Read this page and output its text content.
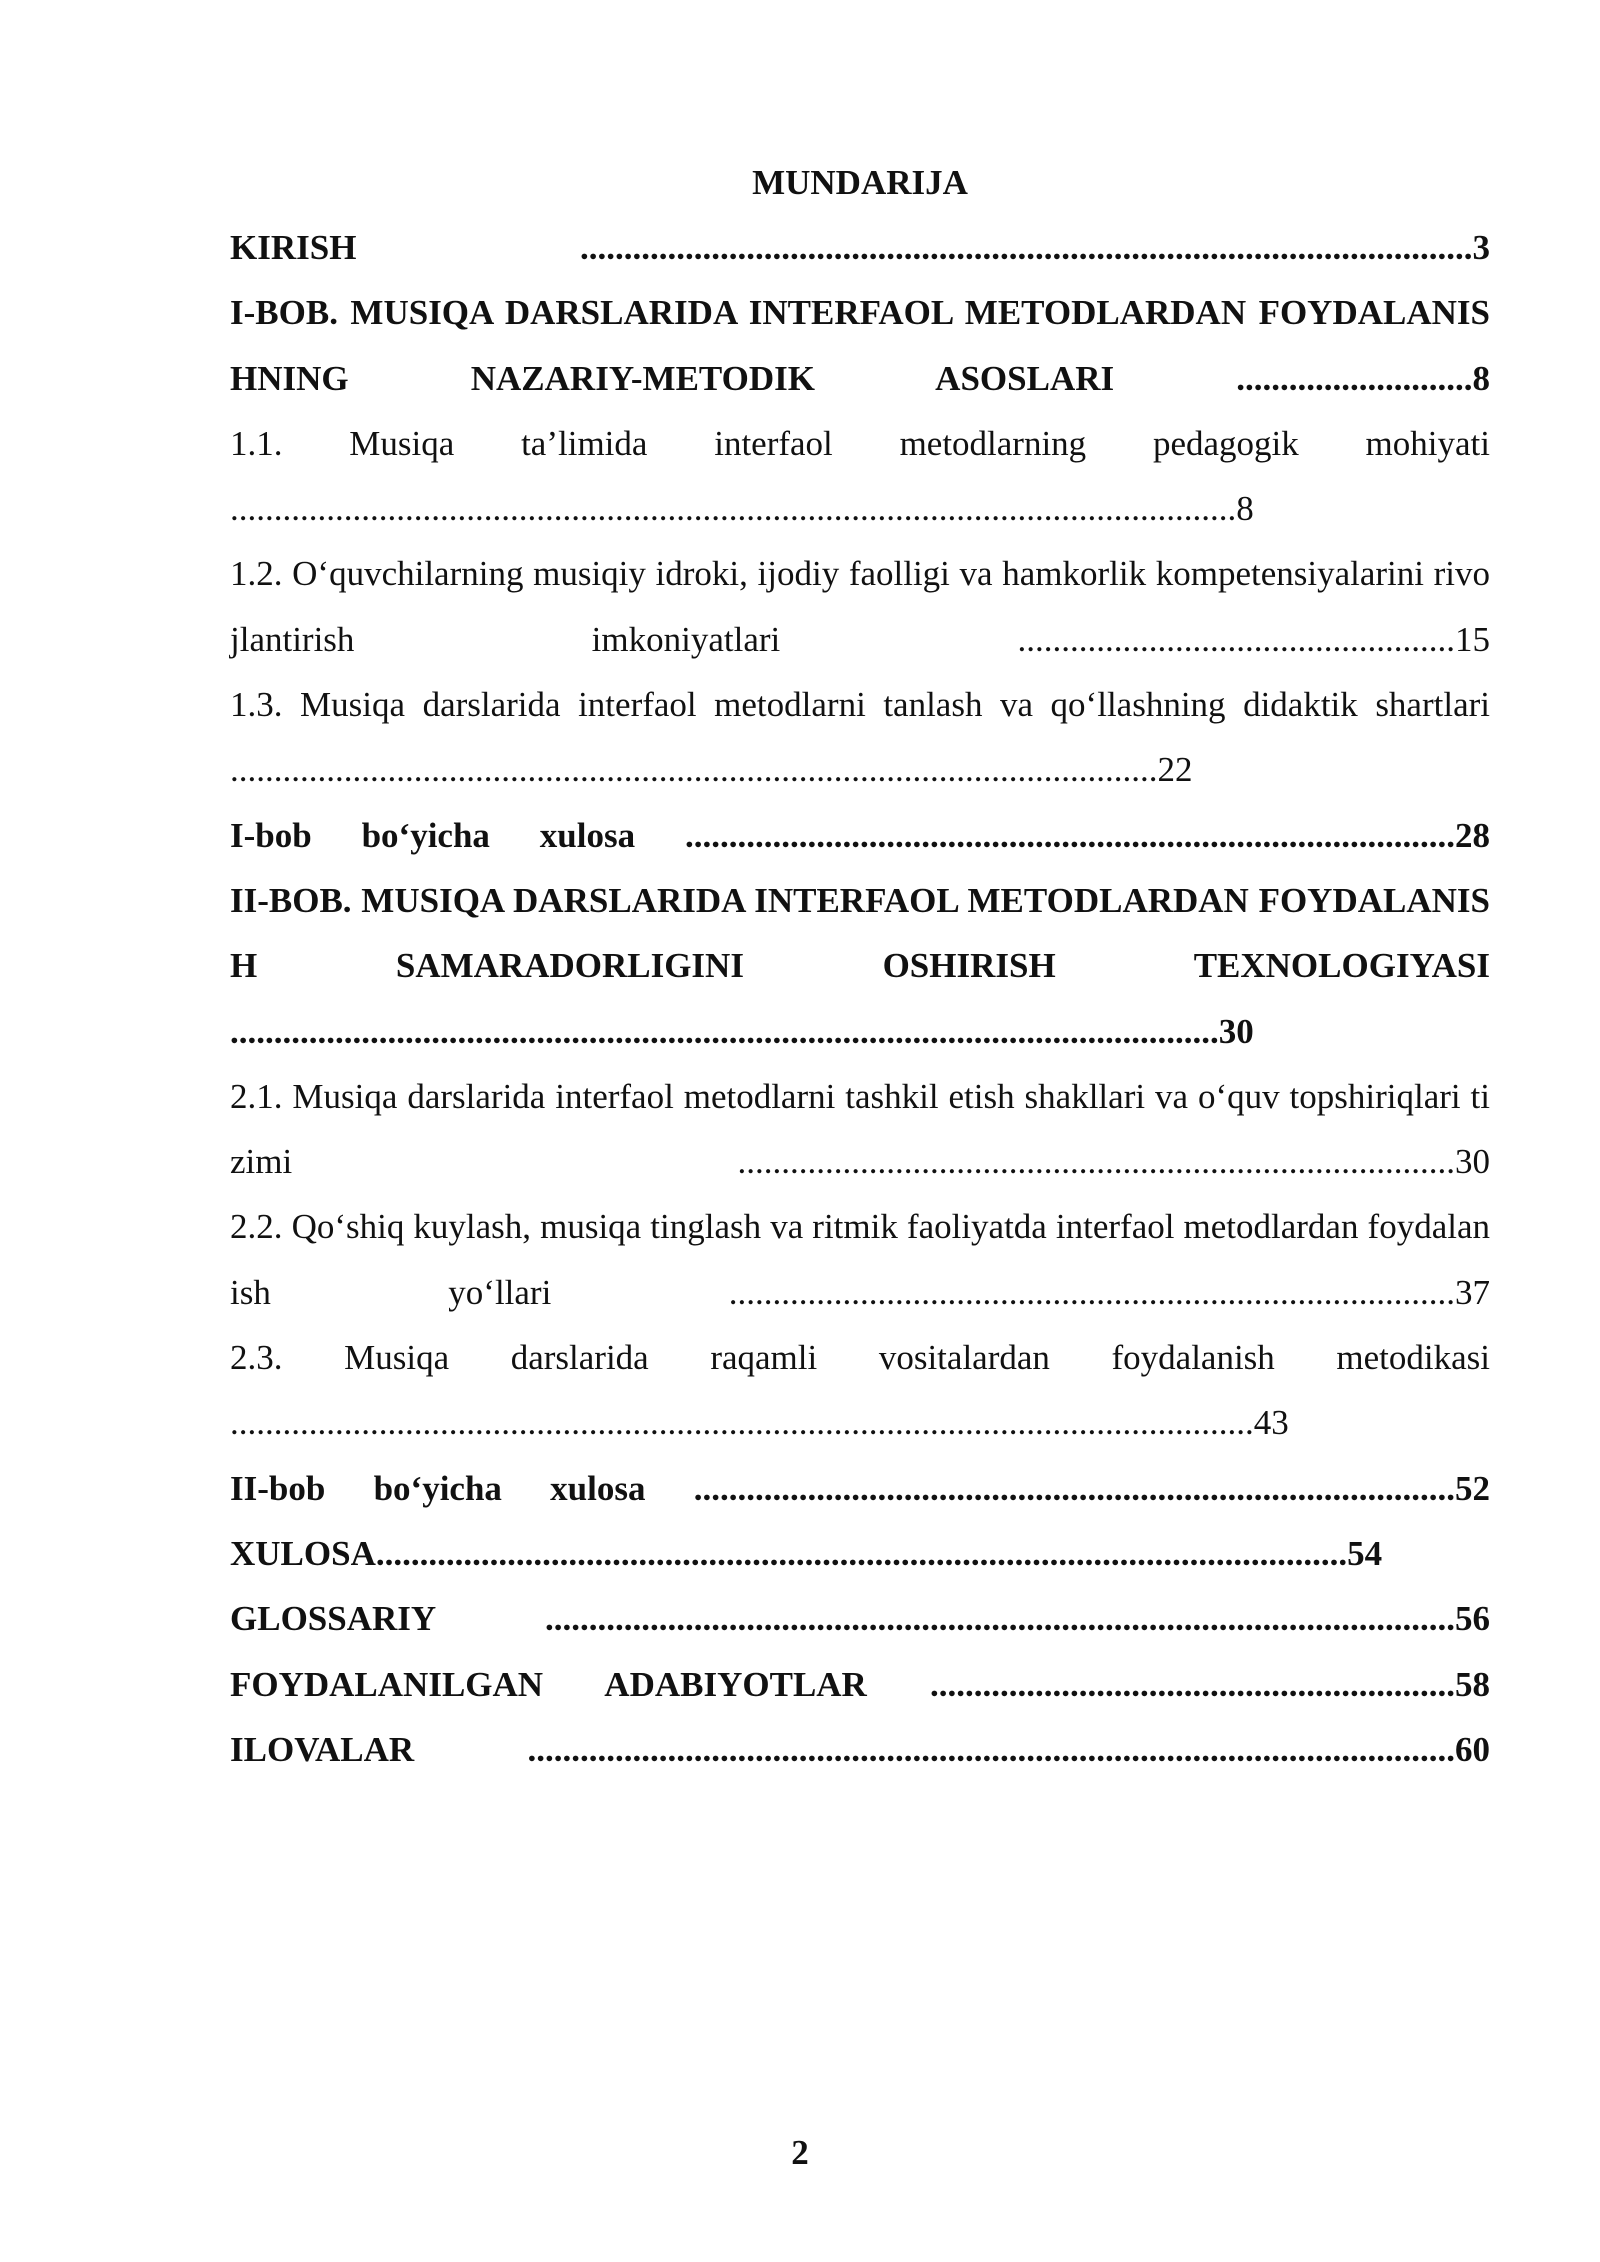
MUNDARIJA

KIRISH ......................................................................................................3

I-BOB. MUSIQA DARSLARIDA INTERFAOL METODLARDAN FOYDALANISHNING NAZARIY-METODIK ASOSLARI ...........................8

1.1. Musiqa ta’limida interfaol metodlarning pedagogik mohiyati ...................................................................................................................8

1.2. O‘quvchilarning musiqiy idroki, ijodiy faolligi va hamkorlik kompetensiyalarini rivojlantirish imkoniyatlari ..................................................15

1.3. Musiqa darslarida interfaol metodlarni tanlash va qo‘llashning didaktik shartlari ..........................................................................................................22

I-bob bo‘yicha xulosa ........................................................................................28

II-BOB. MUSIQA DARSLARIDA INTERFAOL METODLARDAN FOYDALANISH SAMARADORLIGINI OSHIRISH TEXNOLOGIYASI .................................................................................................................30

2.1. Musiqa darslarida interfaol metodlarni tashkil etish shakllari va o‘quv topshiriqlari tizimi ..................................................................................30

2.2. Qo‘shiq kuylash, musiqa tinglash va ritmik faoliyatda interfaol metodlardan foydalanish yo‘llari ...................................................................................37

2.3. Musiqa darslarida raqamli vositalardan foydalanish metodikasi .....................................................................................................................43

II-bob bo‘yicha xulosa .......................................................................................52

XULOSA...............................................................................................................54

GLOSSARIY ........................................................................................................56

FOYDALANILGAN ADABIYOTLAR ............................................................58

ILOVALAR ..........................................................................................................60

2
